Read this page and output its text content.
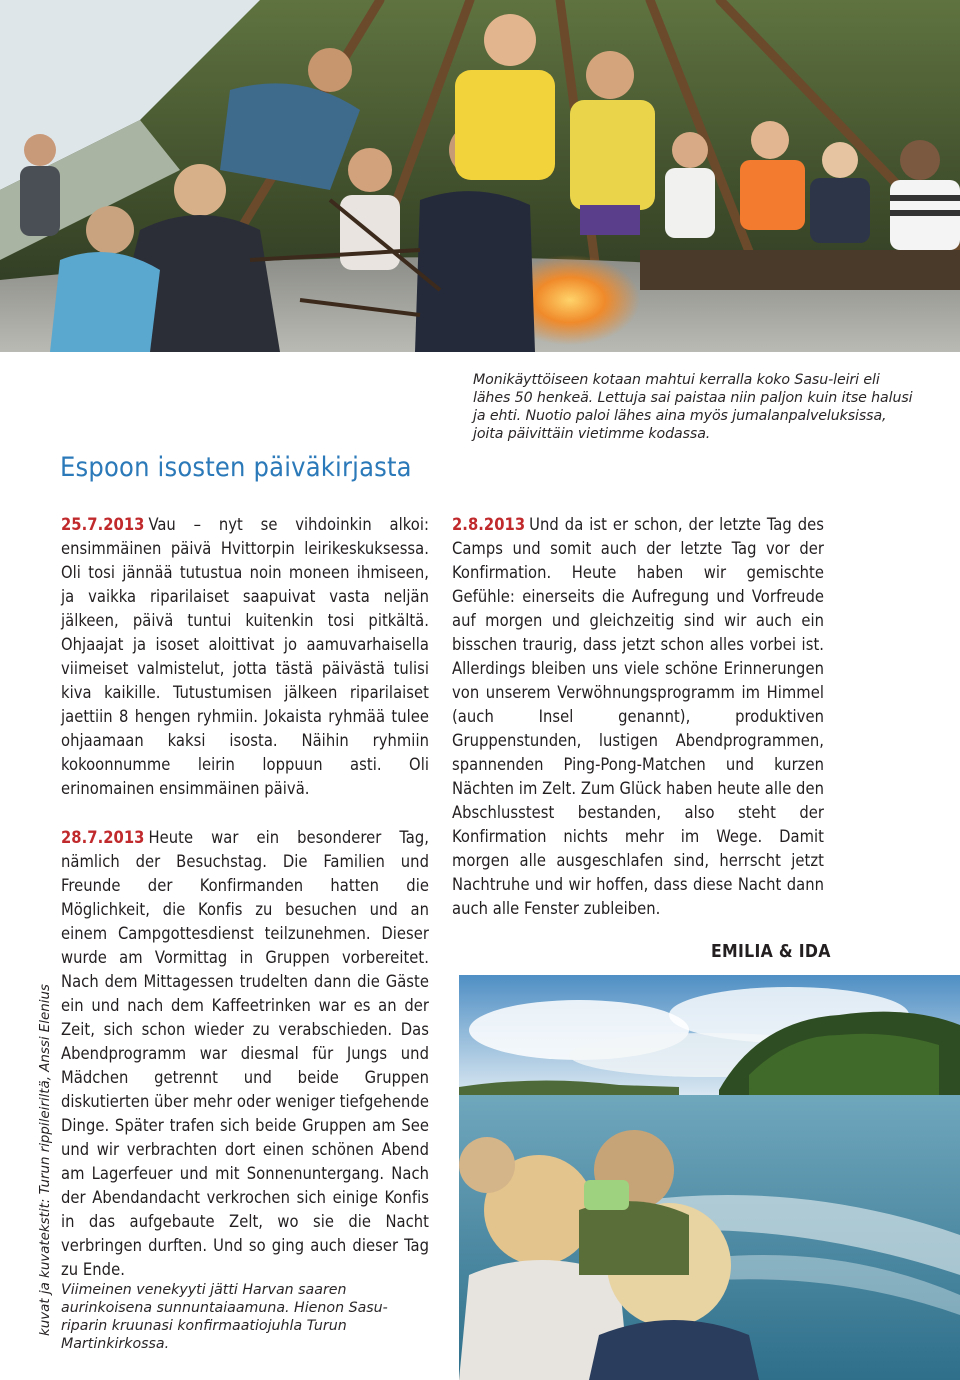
Monikäyttöiseen kotaan mahtui kerralla koko Sasu-leiri eli lähes 50 henkeä. Lettuja sai paistaa niin paljon kuin itse halusi ja ehti. Nuotio paloi lähes aina myös jumalanpalveluksissa, joita päivittäin vietimme kodassa.

Espoon isosten päiväkirjasta

25.7.2013 Vau – nyt se vihdoinkin alkoi: ensimmäinen päivä Hvittorpin leirikeskuksessa. Oli tosi jännää tutustua noin moneen ihmiseen, ja vaikka riparilaiset saapuivat vasta neljän jälkeen, päivä tuntui kuitenkin tosi pitkältä. Ohjaajat ja isoset aloittivat jo aamuvarhaisella viimeiset valmistelut, jotta tästä päivästä tulisi kiva kaikille. Tutustumisen jälkeen riparilaiset jaettiin 8 hengen ryhmiin. Jokaista ryhmää tulee ohjaamaan kaksi isosta. Näihin ryhmiin kokoonnumme leirin loppuun asti. Oli erinomainen ensimmäinen päivä.

28.7.2013 Heute war ein besonderer Tag, nämlich der Besuchstag. Die Familien und Freunde der Konfirmanden hatten die Möglichkeit, die Konfis zu besuchen und an einem Campgottesdienst teilzunehmen. Dieser wurde am Vormittag in Gruppen vorbereitet. Nach dem Mittagessen trudelten dann die Gäste ein und nach dem Kaffeetrinken war es an der Zeit, sich schon wieder zu verabschieden. Das Abendprogramm war diesmal für Jungs und Mädchen getrennt und beide Gruppen diskutierten über mehr oder weniger tiefgehende Dinge. Später trafen sich beide Gruppen am See und wir verbrachten dort einen schönen Abend am Lagerfeuer und mit Sonnenuntergang. Nach der Abendandacht verkrochen sich einige Konfis in das aufgebaute Zelt, wo sie die Nacht verbringen durften. Und so ging auch dieser Tag zu Ende.

2.8.2013 Und da ist er schon, der letzte Tag des Camps und somit auch der letzte Tag vor der Konfirmation. Heute haben wir gemischte Gefühle: einerseits die Aufregung und Vorfreude auf morgen und gleichzeitig sind wir auch ein bisschen traurig, dass jetzt schon alles vorbei ist. Allerdings bleiben uns viele schöne Erinnerungen von unserem Verwöhnungsprogramm im Himmel (auch Insel genannt), produktiven Gruppenstunden, lustigen Abendprogrammen, spannenden Ping-Pong-Matchen und kurzen Nächten im Zelt. Zum Glück haben heute alle den Abschlusstest bestanden, also steht der Konfirmation nichts mehr im Wege. Damit morgen alle ausgeschlafen sind, herrscht jetzt Nachtruhe und wir hoffen, dass diese Nacht dann auch alle Fenster zubleiben.

EMILIA & IDA

Viimeinen venekyyti jätti Harvan saaren aurinkoisena sunnuntaiaamuna. Hienon Sasu-riparin kruunasi konfirmaatiojuhla Turun Martinkirkossa.

kuvat ja kuvatekstit: Turun rippileiriltä, Anssi Elenius
